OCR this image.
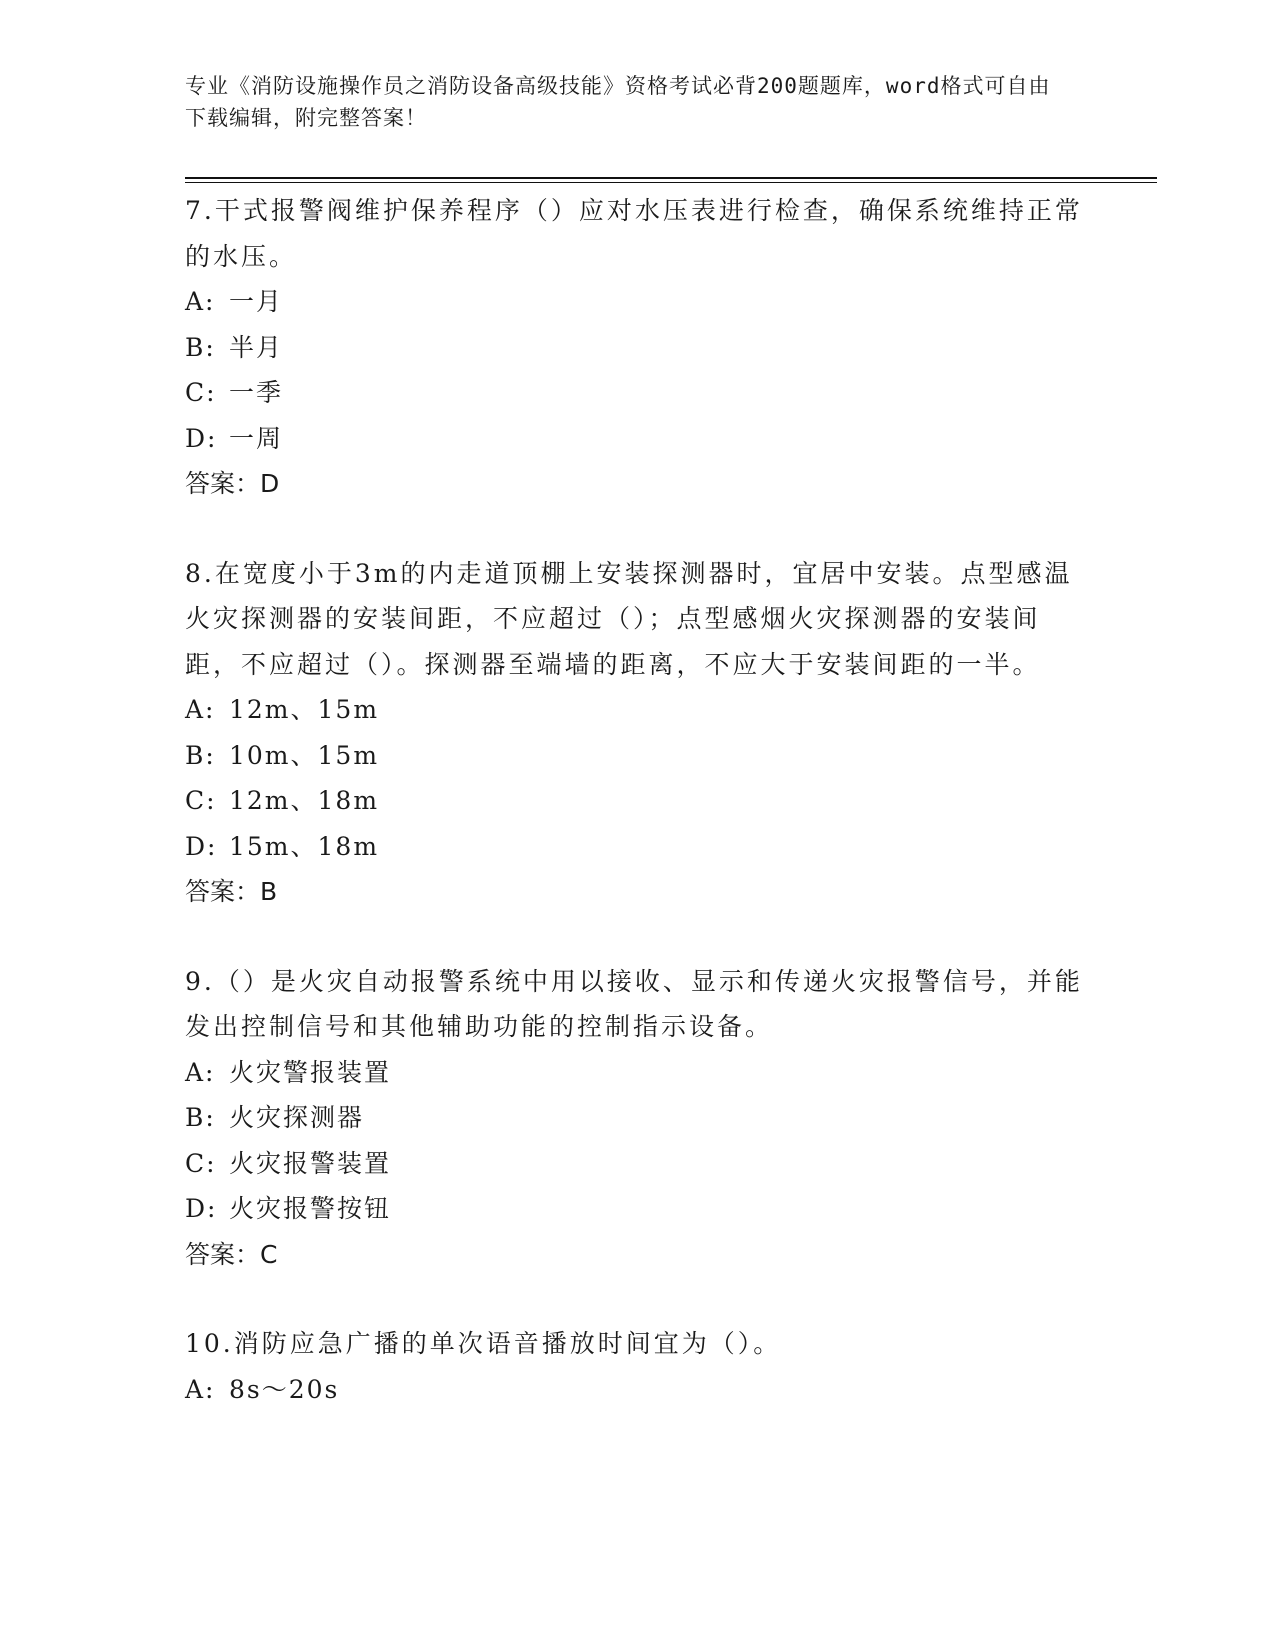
专业《消防设施操作员之消防设备高级技能》资格考试必背200题题库，word格式可自由下载编辑，附完整答案！

7.干式报警阀维护保养程序（）应对水压表进行检查，确保系统维持正常的水压。

A: 一月

B: 半月

C: 一季

D: 一周

答案：D

8.在宽度小于3m的内走道顶棚上安装探测器时，宜居中安装。点型感温火灾探测器的安装间距，不应超过（）；点型感烟火灾探测器的安装间距，不应超过（）。探测器至端墙的距离，不应大于安装间距的一半。

A: 12m、15m

B: 10m、15m

C: 12m、18m

D: 15m、18m

答案：B

9.（）是火灾自动报警系统中用以接收、显示和传递火灾报警信号，并能发出控制信号和其他辅助功能的控制指示设备。

A: 火灾警报装置

B: 火灾探测器

C: 火灾报警装置

D: 火灾报警按钮

答案：C

10.消防应急广播的单次语音播放时间宜为（）。

A: 8s～20s
